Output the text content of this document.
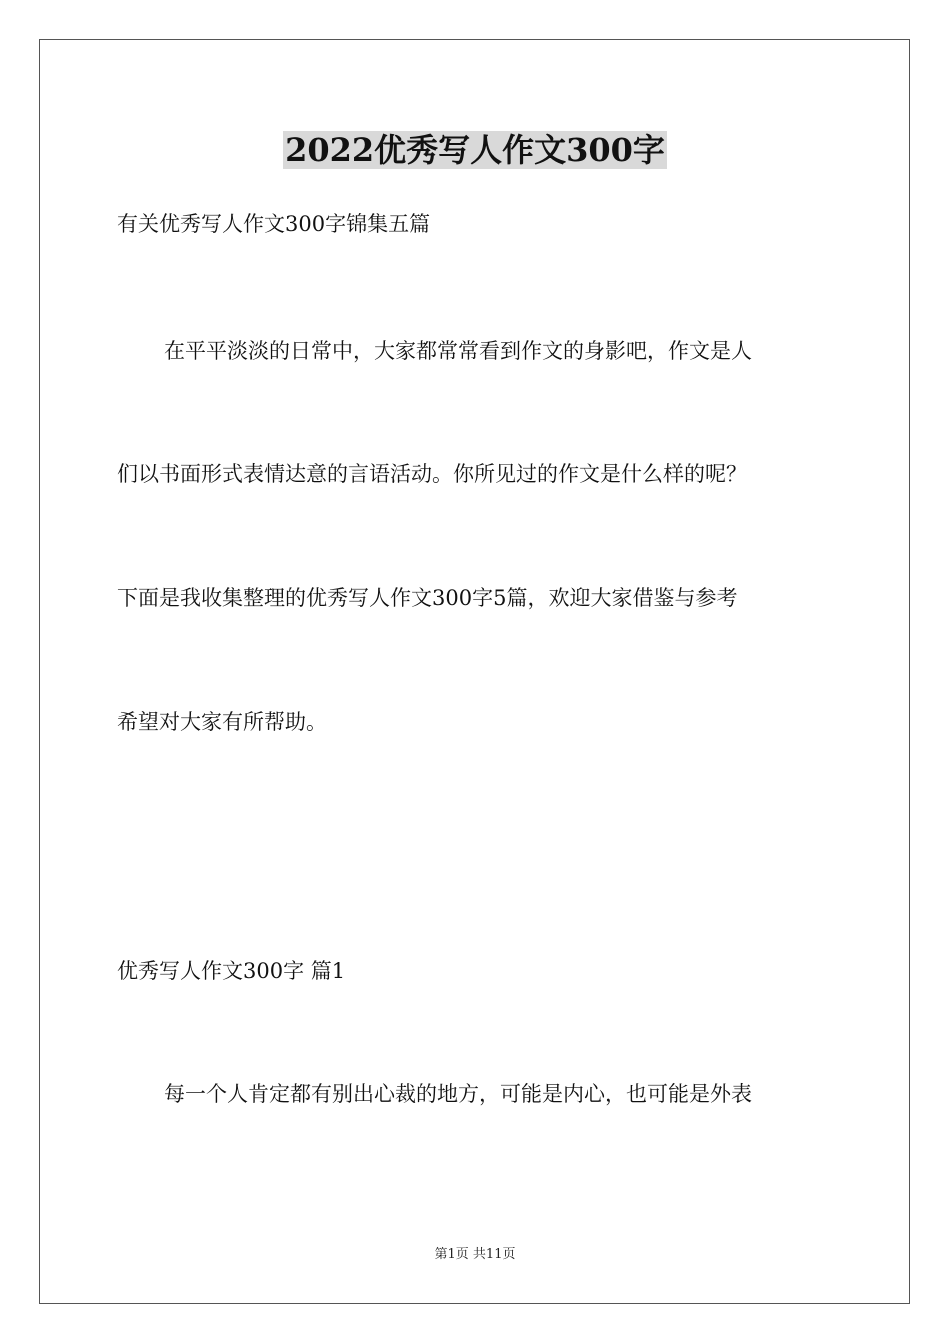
2022优秀写人作文300字
有关优秀写人作文300字锦集五篇
在平平淡淡的日常中，大家都常常看到作文的身影吧，作文是人
们以书面形式表情达意的言语活动。你所见过的作文是什么样的呢？
下面是我收集整理的优秀写人作文300字5篇，欢迎大家借鉴与参考
希望对大家有所帮助。
优秀写人作文300字 篇1
每一个人肯定都有别出心裁的地方，可能是内心，也可能是外表
第1页 共11页
